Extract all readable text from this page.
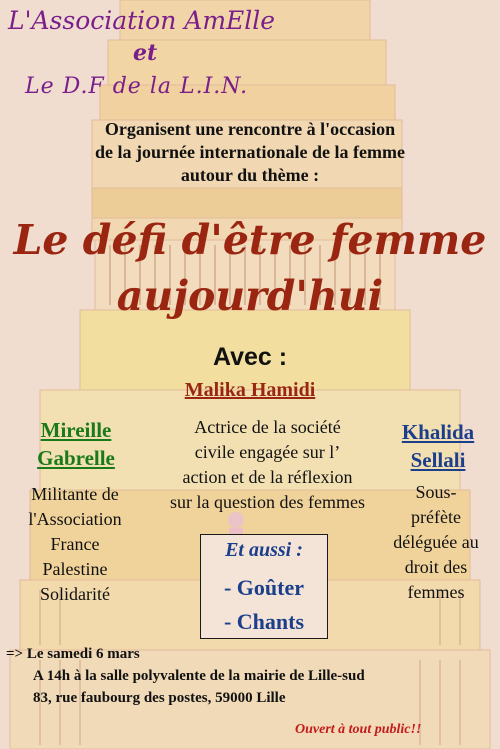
L'Association AmElle
et
Le D.F de la L.I.N.
Organisent une rencontre à l'occasion
de la journée internationale de la femme
autour du thème :
Le défi d'être femme
aujourd'hui
Avec :
Malika Hamidi
Actrice de la société
civile engagée sur l’
action et de la réflexion
sur la question des femmes
Mireille
Gabrelle
Militante de
l'Association
France
Palestine
Solidarité
Khalida
Sellali
Sous-
préfète
déléguée au
droit des
femmes
Et aussi :
- Goûter
- Chants
=> Le samedi 6 mars
A 14h à la salle polyvalente de la mairie de Lille-sud
83, rue faubourg des postes, 59000 Lille
Ouvert à tout public!!
